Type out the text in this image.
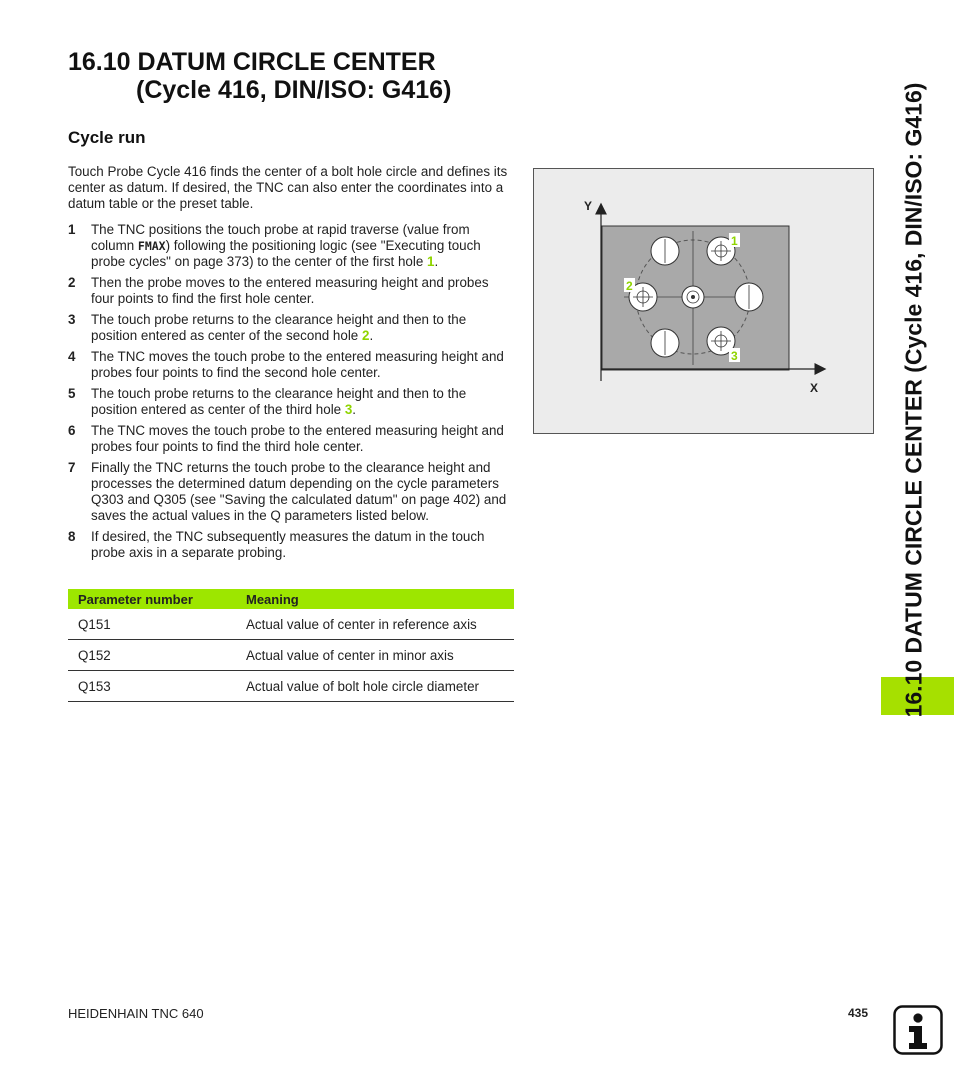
16.10 DATUM CIRCLE CENTER
(Cycle 416, DIN/ISO: G416)
Cycle run

Touch Probe Cycle 416 finds the center of a bolt hole circle and defines its center as datum. If desired, the TNC can also enter the coordinates into a datum table or the preset table.

1	The TNC positions the touch probe at rapid traverse (value from column FMAX) following the positioning logic (see "Executing touch probe cycles" on page 373) to the center of the first hole 1.
2	Then the probe moves to the entered measuring height and probes four points to find the first hole center.
3	The touch probe returns to the clearance height and then to the position entered as center of the second hole 2.
4	The TNC moves the touch probe to the entered measuring height and probes four points to find the second hole center.
5	The touch probe returns to the clearance height and then to the position entered as center of the third hole 3.
6	The TNC moves the touch probe to the entered measuring height and probes four points to find the third hole center.
7	Finally the TNC returns the touch probe to the clearance height and processes the determined datum depending on the cycle parameters Q303 and Q305 (see "Saving the calculated datum" on page 402) and saves the actual values in the Q parameters listed below.
8	If desired, the TNC subsequently measures the datum in the touch probe axis in a separate probing.
Parameter number	Meaning
Q151	Actual value of center in reference axis
Q152	Actual value of center in minor axis
Q153	Actual value of bolt hole circle diameter
Y
X
1
2
3	16.10 DATUM CIRCLE CENTER (Cycle 416, DIN/ISO: G416)
HEIDENHAIN TNC 640	435
